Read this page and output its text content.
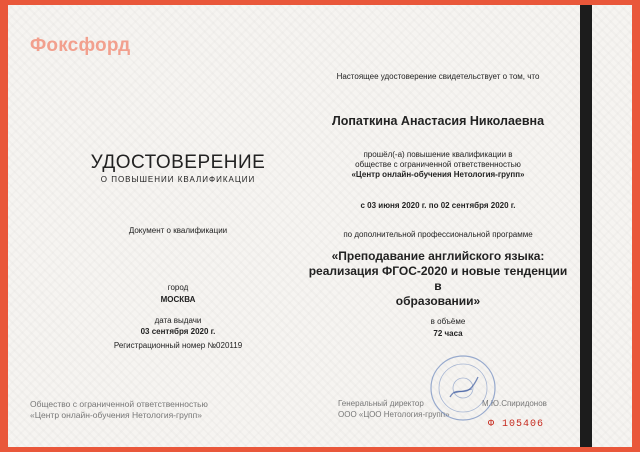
Фоксфорд
УДОСТОВЕРЕНИЕ
О ПОВЫШЕНИИ КВАЛИФИКАЦИИ
Документ о квалификации
город
МОСКВА
дата выдачи
03 сентября 2020 г.
Регистрационный номер №020119
Настоящее удостоверение свидетельствует о том, что
Лопаткина Анастасия Николаевна
прошёл(-а) повышение квалификации в
обществе с ограниченной ответственностью
«Центр онлайн-обучения Нетология-групп»
с 03 июня 2020 г. по 02 сентября 2020 г.
по дополнительной профессиональной программе
«Преподавание английского языка:
реализация ФГОС-2020 и новые тенденции в
образовании»
в объёме
72 часа
Общество с ограниченной ответственностью
«Центр онлайн-обучения Нетология-групп»
Генеральный директор
ООО «ЦОО Нетология-групп»
М.Ю.Спиридонов
Ф 105406
